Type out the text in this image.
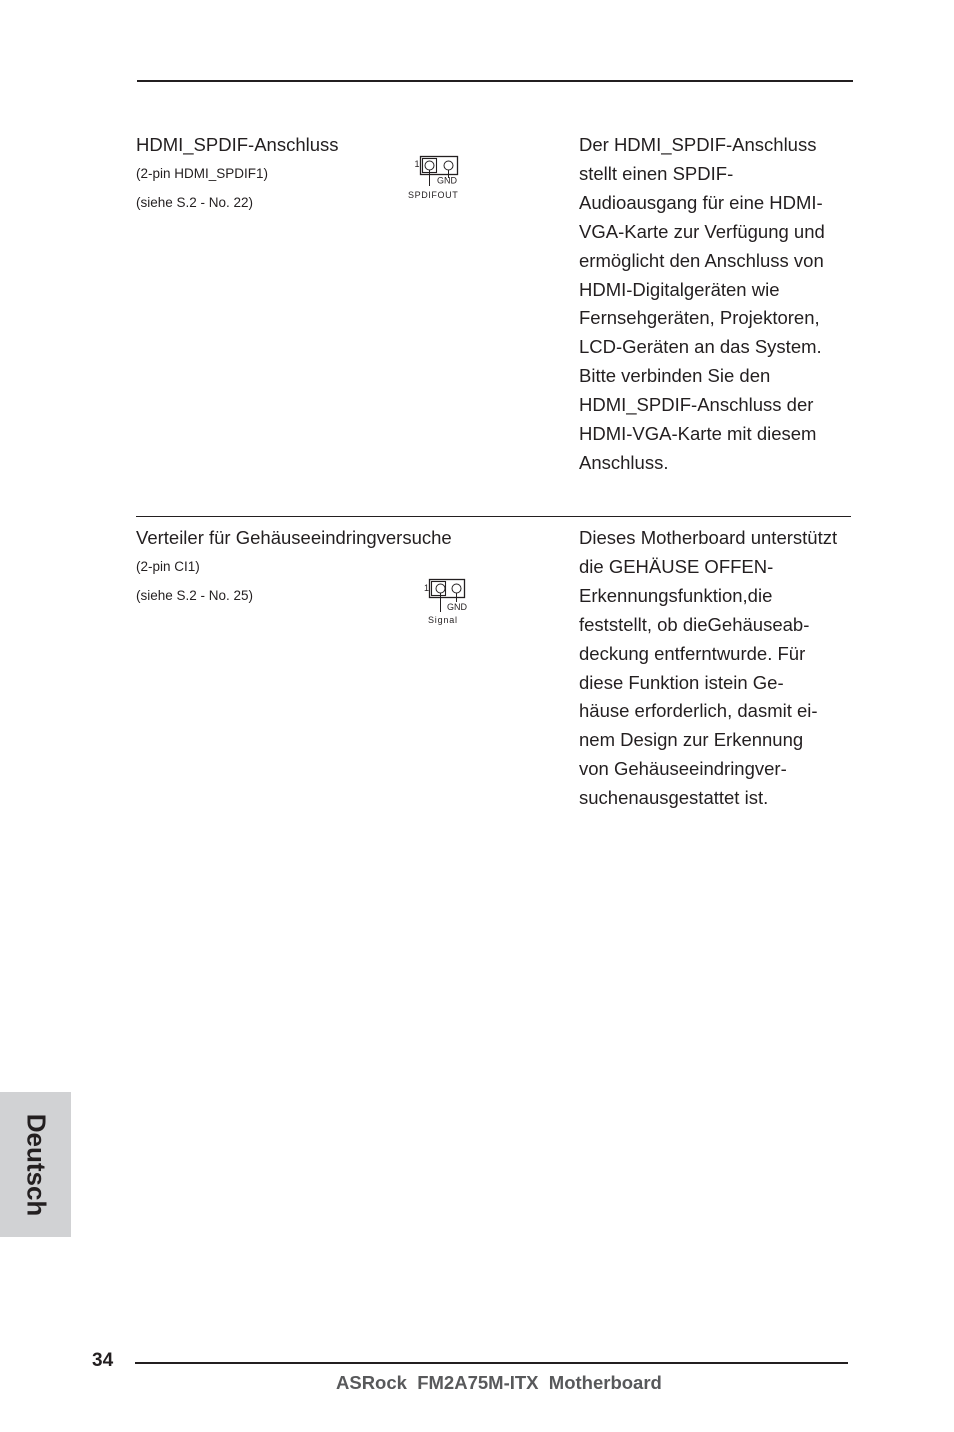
HDMI_SPDIF-Anschluss
(2-pin HDMI_SPDIF1)
(siehe S.2 - No. 22)
1
GND
SPDIFOUT
Der HDMI_SPDIF-Anschluss
stellt einen SPDIF-
Audioausgang für eine HDMI-
VGA-Karte zur Verfügung und
ermöglicht den Anschluss von
HDMI-Digitalgeräten wie
Fernsehgeräten, Projektoren,
LCD-Geräten an das System.
Bitte verbinden Sie den
HDMI_SPDIF-Anschluss der
HDMI-VGA-Karte mit diesem
Anschluss.
Verteiler für Gehäuseeindringversuche
(2-pin CI1)
(siehe S.2 - No. 25)	1
GND
Signal
Dieses Motherboard unterstützt
die GEHÄUSE OFFEN-
Erkennungsfunktion,die
feststellt, ob dieGehäuseab-
deckung entferntwurde. Für
diese Funktion istein Ge-
häuse erforderlich, dasmit ei-
nem Design zur Erkennung
von Gehäuseeindringver-
suchenausgestattet ist.
Deutsch
34
ASRock  FM2A75M-ITX  Motherboard
